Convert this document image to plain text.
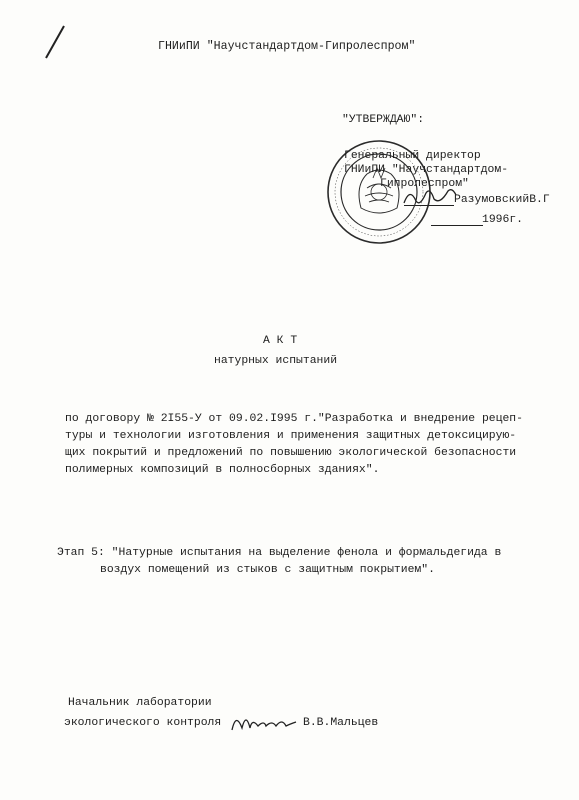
ГНИиПИ "Научстандартдом-Гипролеспром"
"УТВЕРЖДАЮ":
Генеральный директор
ГНИиПИ "Научстандартдом-
Гипролеспром"
РазумовскийВ.Г
1996г.
А К Т
натурных испытаний
по договору № 2I55-У от 09.02.I995 г."Разработка и внедрение рецеп-
туры и технологии изготовления и применения защитных детоксицирую-
щих покрытий и предложений по повышению экологической безопасности
полимерных композиций в полносборных зданиях".
Этап 5: "Натурные испытания на выделение фенола и формальдегида в
воздух помещений из стыков с защитным покрытием".
Начальник лаборатории
экологического контроля	В.В.Мальцев
